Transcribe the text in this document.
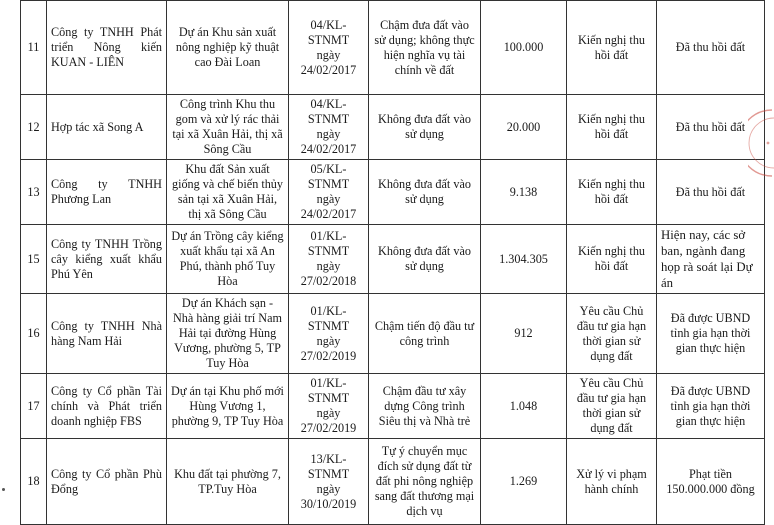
11	Công ty TNHH Phát triển Nông kiến KUAN - LIÊN	Dự án Khu sản xuất nông nghiệp kỹ thuật cao Đài Loan	04/KL-STNMT
ngày 24/02/2017	Chậm đưa đất vào sử dụng; không thực hiện nghĩa vụ tài chính về đất	100.000	Kiến nghị thu hồi đất	Đã thu hồi đất
12	Hợp tác xã Song A	Công trình Khu thu gom và xử lý rác thải tại xã Xuân Hải, thị xã Sông Cầu	04/KL-STNMT
ngày 24/02/2017	Không đưa đất vào sử dụng	20.000	Kiến nghị thu hồi đất	Đã thu hồi đất
13	Công ty TNHH Phương Lan	Khu đất Sản xuất giống và chế biến thủy sản tại xã Xuân Hải, thị xã Sông Cầu	05/KL-STNMT
ngày 24/02/2017	Không đưa đất vào sử dụng	9.138	Kiến nghị thu hồi đất	Đã thu hồi đất
15	Công ty TNHH Trồng cây kiểng xuất khẩu Phú Yên	Dự án Trồng cây kiểng xuất khẩu tại xã An Phú, thành phố Tuy Hòa	01/KL-STNMT
ngày 27/02/2018	Không đưa đất vào sử dụng	1.304.305	Kiến nghị thu hồi đất	Hiện nay, các sở ban, ngành đang họp rà soát lại Dự án
16	Công ty TNHH Nhà hàng Nam Hải	Dự án Khách sạn - Nhà hàng giải trí Nam Hải tại đường Hùng Vương, phường 5, TP Tuy Hòa	01/KL-STNMT
ngày 27/02/2019	Chậm tiến độ đầu tư công trình	912	Yêu cầu Chủ đầu tư gia hạn thời gian sử dụng đất	Đã được UBND tỉnh gia hạn thời gian thực hiện
17	Công ty Cổ phần Tài chính và Phát triển doanh nghiệp FBS	Dự án tại Khu phố mới Hùng Vương 1, phường 9, TP Tuy Hòa	01/KL-STNMT
ngày 27/02/2019	Chậm đầu tư xây dựng Công trình Siêu thị và Nhà trẻ	1.048	Yêu cầu Chủ đầu tư gia hạn thời gian sử dụng đất	Đã được UBND tỉnh gia hạn thời gian thực hiện
18	Công ty Cổ phần Phù Đổng	Khu đất tại phường 7, TP.Tuy Hòa	13/KL-STNMT
ngày 30/10/2019	Tự ý chuyển mục đích sử dụng đất từ đất phi nông nghiệp sang đất thương mại dịch vụ	1.269	Xử lý vi phạm hành chính	Phạt tiền 150.000.000 đồng
